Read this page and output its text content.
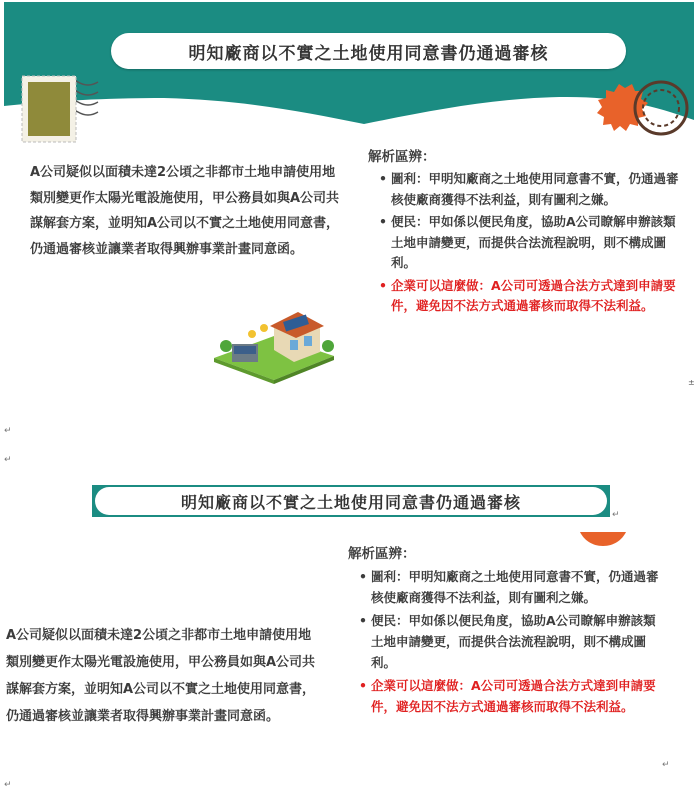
明知廠商以不實之土地使用同意書仍通過審核
A公司疑似以面積未達2公頃之非都市土地申請使用地類別變更作太陽光電設施使用，甲公務員如與A公司共謀解套方案，並明知A公司以不實之土地使用同意書，仍通過審核並讓業者取得興辦事業計畫同意函。
解析區辨：
• 圖利：甲明知廠商之土地使用同意書不實，仍通過審核使廠商獲得不法利益，則有圖利之嫌。
• 便民：甲如係以便民角度，協助A公司瞭解申辦該類土地申請變更，而提供合法流程說明，則不構成圖利。
• 企業可以這麼做：A公司可透過合法方式達到申請要件，避免因不法方式通過審核而取得不法利益。
±
↵
↵
明知廠商以不實之土地使用同意書仍通過審核
↵
解析區辨：
• 圖利：甲明知廠商之土地使用同意書不實，仍通過審核使廠商獲得不法利益，則有圖利之嫌。
• 便民：甲如係以便民角度，協助A公司瞭解申辦該類土地申請變更，而提供合法流程說明，則不構成圖利。
• 企業可以這麼做：A公司可透過合法方式達到申請要件，避免因不法方式通過審核而取得不法利益。
A公司疑似以面積未達2公頃之非都市土地申請使用地類別變更作太陽光電設施使用，甲公務員如與A公司共謀解套方案，並明知A公司以不實之土地使用同意書，仍通過審核並讓業者取得興辦事業計畫同意函。
↵
↵
